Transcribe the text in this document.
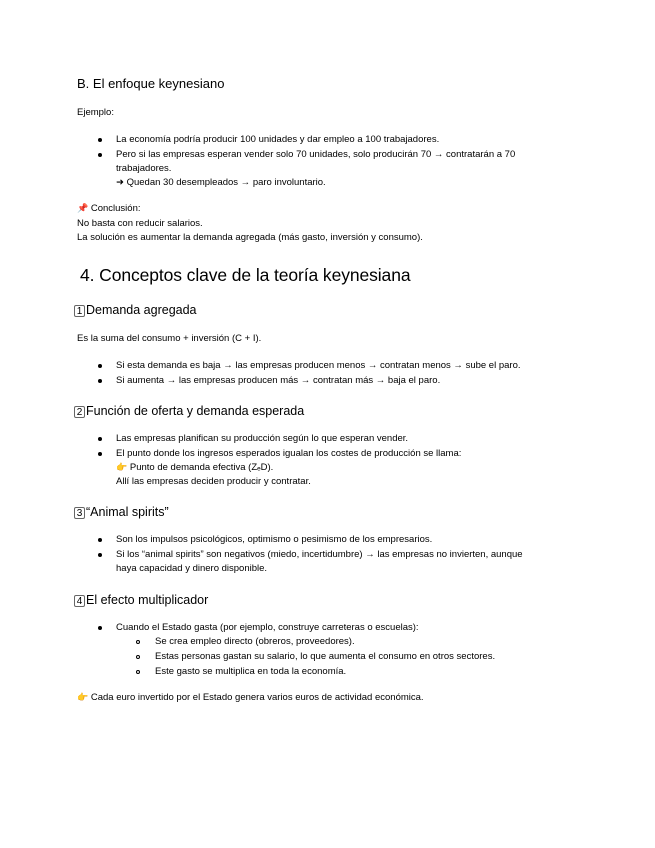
B. El enfoque keynesiano
Ejemplo:
La economía podría producir 100 unidades y dar empleo a 100 trabajadores.
Pero si las empresas esperan vender solo 70 unidades, solo producirán 70 → contratarán a 70
trabajadores.
➜ Quedan 30 desempleados → paro involuntario.
📌 Conclusión:
No basta con reducir salarios.
La solución es aumentar la demanda agregada (más gasto, inversión y consumo).
4. Conceptos clave de la teoría keynesiana
1 Demanda agregada
Es la suma del consumo + inversión (C + I).
Si esta demanda es baja → las empresas producen menos → contratan menos → sube el paro.
Si aumenta → las empresas producen más → contratan más → baja el paro.
2 Función de oferta y demanda esperada
Las empresas planifican su producción según lo que esperan vender.
El punto donde los ingresos esperados igualan los costes de producción se llama:
👉 Punto de demanda efectiva (ZₑD).
Allí las empresas deciden producir y contratar.
3 “Animal spirits”
Son los impulsos psicológicos, optimismo o pesimismo de los empresarios.
Si los “animal spirits” son negativos (miedo, incertidumbre) → las empresas no invierten, aunque
haya capacidad y dinero disponible.
4 El efecto multiplicador
Cuando el Estado gasta (por ejemplo, construye carreteras o escuelas):
Se crea empleo directo (obreros, proveedores).
Estas personas gastan su salario, lo que aumenta el consumo en otros sectores.
Este gasto se multiplica en toda la economía.
👉 Cada euro invertido por el Estado genera varios euros de actividad económica.
